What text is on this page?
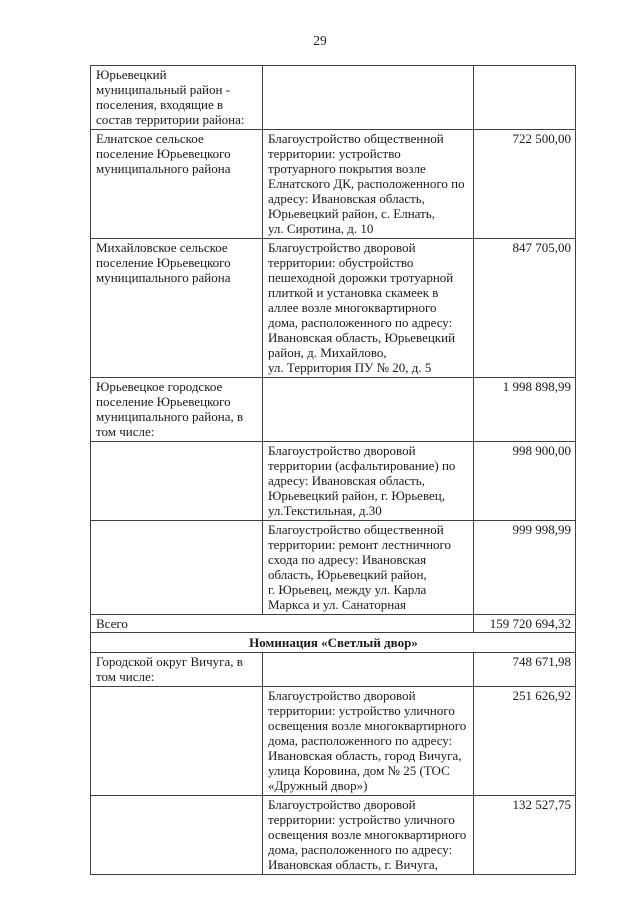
29
Юрьевецкий муниципальный район - поселения, входящие в состав территории района:		
Елнатское сельское поселение Юрьевецкого муниципального района	Благоустройство общественной территории: устройство тротуарного покрытия возле Елнатского ДК, расположенного по адресу: Ивановская область, Юрьевецкий район, с. Елнать, ул. Сиротина, д. 10	722 500,00
Михайловское сельское поселение Юрьевецкого муниципального района	Благоустройство дворовой территории: обустройство пешеходной дорожки тротуарной плиткой и установка скамеек в аллее возле многоквартирного дома, расположенного по адресу: Ивановская область, Юрьевецкий район, д. Михайлово, ул. Территория ПУ № 20, д. 5	847 705,00
Юрьевецкое городское поселение Юрьевецкого муниципального района, в том числе:		1 998 898,99
	Благоустройство дворовой территории (асфальтирование) по адресу: Ивановская область, Юрьевецкий район, г. Юрьевец, ул.Текстильная, д.30	998 900,00
	Благоустройство общественной территории: ремонт лестничного схода по адресу: Ивановская область, Юрьевецкий район, г. Юрьевец, между ул. Карла Маркса и ул. Санаторная	999 998,99
Всего		159 720 694,32
Номинация «Светлый двор»		
Городской округ Вичуга, в том числе:		748 671,98
	Благоустройство дворовой территории: устройство уличного освещения возле многоквартирного дома, расположенного по адресу: Ивановская область, город Вичуга, улица Коровина, дом № 25 (ТОС «Дружный двор»)	251 626,92
	Благоустройство дворовой территории: устройство уличного освещения возле многоквартирного дома, расположенного по адресу: Ивановская область, г. Вичуга,	132 527,75
